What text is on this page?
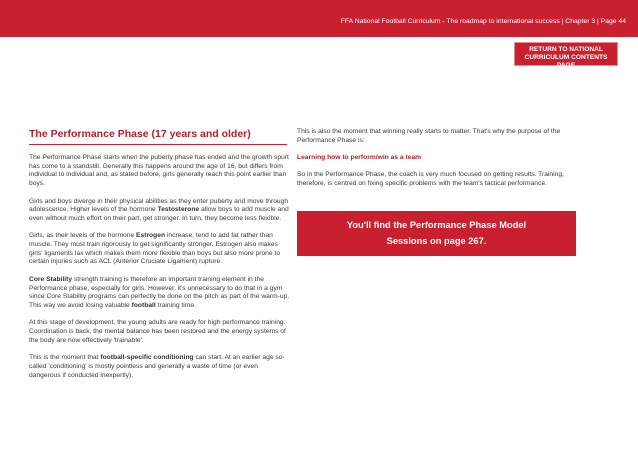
FFA National Football Curriculum - The roadmap to international success | Chapter 3 | Page 44
RETURN TO NATIONAL
CURRICULUM CONTENTS PAGE
The Performance Phase (17 years and older)

The Performance Phase starts when the puberty phase has ended and the growth spurt has come to a standstill. Generally this happens around the age of 16, but differs from individual to individual and, as stated before, girls generally reach this point earlier than boys.

Girls and boys diverge in their physical abilities as they enter puberty and move through adolescence. Higher levels of the hormone Testosterone allow boys to add muscle and even without much effort on their part, get stronger. In turn, they become less flexible.

Girls, as their levels of the hormone Estrogen increase, tend to add fat rather than muscle. They must train rigorously to get significantly stronger. Estrogen also makes girls' ligaments lax which makes them more flexible than boys but also more prone to certain injuries such as ACL (Anterior Cruciate Ligament) rupture.

Core Stability strength training is therefore an important training element in the Performance phase, especially for girls. However, it's unnecessary to do that in a gym since Core Stability programs can perfectly be done on the pitch as part of the warm-up. This way we avoid losing valuable football training time.

At this stage of development, the young adults are ready for high performance training. Coordination is back, the mental balance has been restored and the energy systems of the body are now effectively 'trainable'.

This is the moment that football-specific conditioning can start. At an earlier age so-called 'conditioning' is mostly pointless and generally a waste of time (or even dangerous if conducted inexpertly).

This is also the moment that winning really starts to matter. That's why the purpose of the Performance Phase is:

Learning how to perform/win as a team

So in the Performance Phase, the coach is very much focused on getting results. Training, therefore, is centred on fixing specific problems with the team's tactical performance.

You'll find the Performance Phase Model
Sessions on page 267.
